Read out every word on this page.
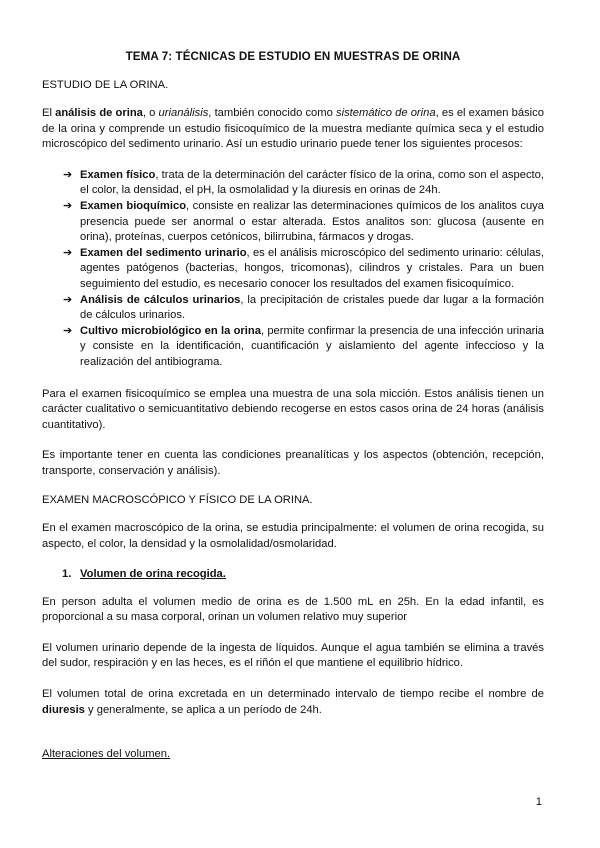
TEMA 7: TÉCNICAS DE ESTUDIO EN MUESTRAS DE ORINA
ESTUDIO DE LA ORINA.

El análisis de orina, o urianálisis, también conocido como sistemático de orina, es el examen básico de la orina y comprende un estudio fisicoquímico de la muestra mediante química seca y el estudio microscópico del sedimento urinario. Así un estudio urinario puede tener los siguientes procesos:

➔ Examen físico, trata de la determinación del carácter físico de la orina, como son el aspecto, el color, la densidad, el pH, la osmolalidad y la diuresis en orinas de 24h.
➔ Examen bioquímico, consiste en realizar las determinaciones químicos de los analitos cuya presencia puede ser anormal o estar alterada. Estos analitos son: glucosa (ausente en orina), proteínas, cuerpos cetónicos, bilirrubina, fármacos y drogas.
➔ Examen del sedimento urinario, es el análisis microscópico del sedimento urinario: células, agentes patógenos (bacterias, hongos, tricomonas), cilindros y cristales. Para un buen seguimiento del estudio, es necesario conocer los resultados del examen fisicoquímico.
➔ Análisis de cálculos urinarios, la precipitación de cristales puede dar lugar a la formación de cálculos urinarios.
➔ Cultivo microbiológico en la orina, permite confirmar la presencia de una infección urinaria y consiste en la identificación, cuantificación y aislamiento del agente infeccioso y la realización del antibiograma.

Para el examen fisicoquímico se emplea una muestra de una sola micción. Estos análisis tienen un carácter cualitativo o semicuantitativo debiendo recogerse en estos casos orina de 24 horas (análisis cuantitativo).

Es importante tener en cuenta las condiciones preanalíticas y los aspectos (obtención, recepción, transporte, conservación y análisis).

EXAMEN MACROSCÓPICO Y FÍSICO DE LA ORINA.

En el examen macroscópico de la orina, se estudia principalmente: el volumen de orina recogida, su aspecto, el color, la densidad y la osmolalidad/osmolaridad.

1. Volumen de orina recogida.

En person adulta el volumen medio de orina es de 1.500 mL en 25h. En la edad infantil, es proporcional a su masa corporal, orinan un volumen relativo muy superior

El volumen urinario depende de la ingesta de líquidos. Aunque el agua también se elimina a través del sudor, respiración y en las heces, es el riñón el que mantiene el equilibrio hídrico.

El volumen total de orina excretada en un determinado intervalo de tiempo recibe el nombre de diuresis y generalmente, se aplica a un período de 24h.

Alteraciones del volumen.

1
